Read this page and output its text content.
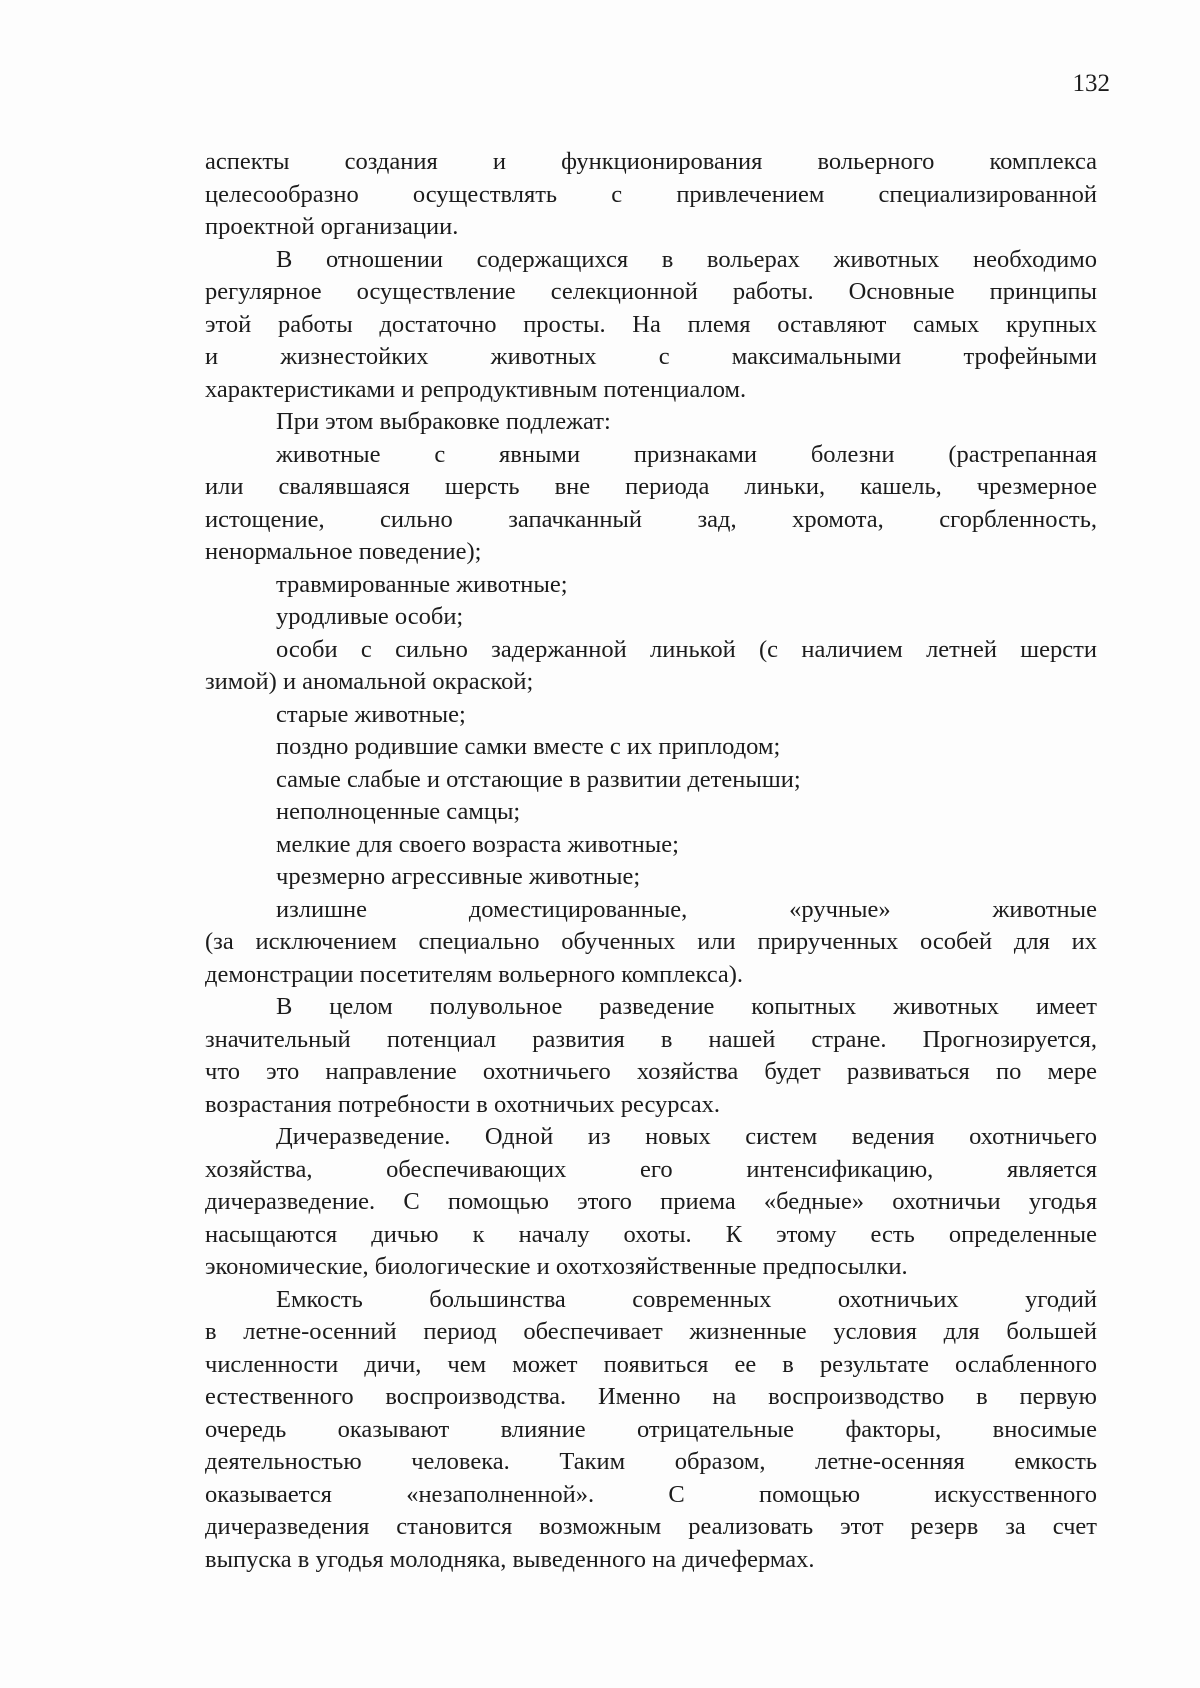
132

аспекты создания и функционирования вольерного комплекса
целесообразно осуществлять с привлечением специализированной
проектной организации.
В отношении содержащихся в вольерах животных необходимо
регулярное осуществление селекционной работы. Основные принципы
этой работы достаточно просты. На племя оставляют самых крупных
и жизнестойких животных с максимальными трофейными
характеристиками и репродуктивным потенциалом.
При этом выбраковке подлежат:
животные с явными признаками болезни (растрепанная
или свалявшаяся шерсть вне периода линьки, кашель, чрезмерное
истощение, сильно запачканный зад, хромота, сгорбленность,
ненормальное поведение);
травмированные животные;
уродливые особи;
особи с сильно задержанной линькой (с наличием летней шерсти
зимой) и аномальной окраской;
старые животные;
поздно родившие самки вместе с их приплодом;
самые слабые и отстающие в развитии детеныши;
неполноценные самцы;
мелкие для своего возраста животные;
чрезмерно агрессивные животные;
излишне доместицированные, «ручные» животные
(за исключением специально обученных или прирученных особей для их
демонстрации посетителям вольерного комплекса).
В целом полувольное разведение копытных животных имеет
значительный потенциал развития в нашей стране. Прогнозируется,
что это направление охотничьего хозяйства будет развиваться по мере
возрастания потребности в охотничьих ресурсах.
Дичеразведение. Одной из новых систем ведения охотничьего
хозяйства, обеспечивающих его интенсификацию, является
дичеразведение. С помощью этого приема «бедные» охотничьи угодья
насыщаются дичью к началу охоты. К этому есть определенные
экономические, биологические и охотхозяйственные предпосылки.
Емкость большинства современных охотничьих угодий
в летне-осенний период обеспечивает жизненные условия для большей
численности дичи, чем может появиться ее в результате ослабленного
естественного воспроизводства. Именно на воспроизводство в первую
очередь оказывают влияние отрицательные факторы, вносимые
деятельностью человека. Таким образом, летне-осенняя емкость
оказывается «незаполненной». С помощью искусственного
дичеразведения становится возможным реализовать этот резерв за счет
выпуска в угодья молодняка, выведенного на дичефермах.
